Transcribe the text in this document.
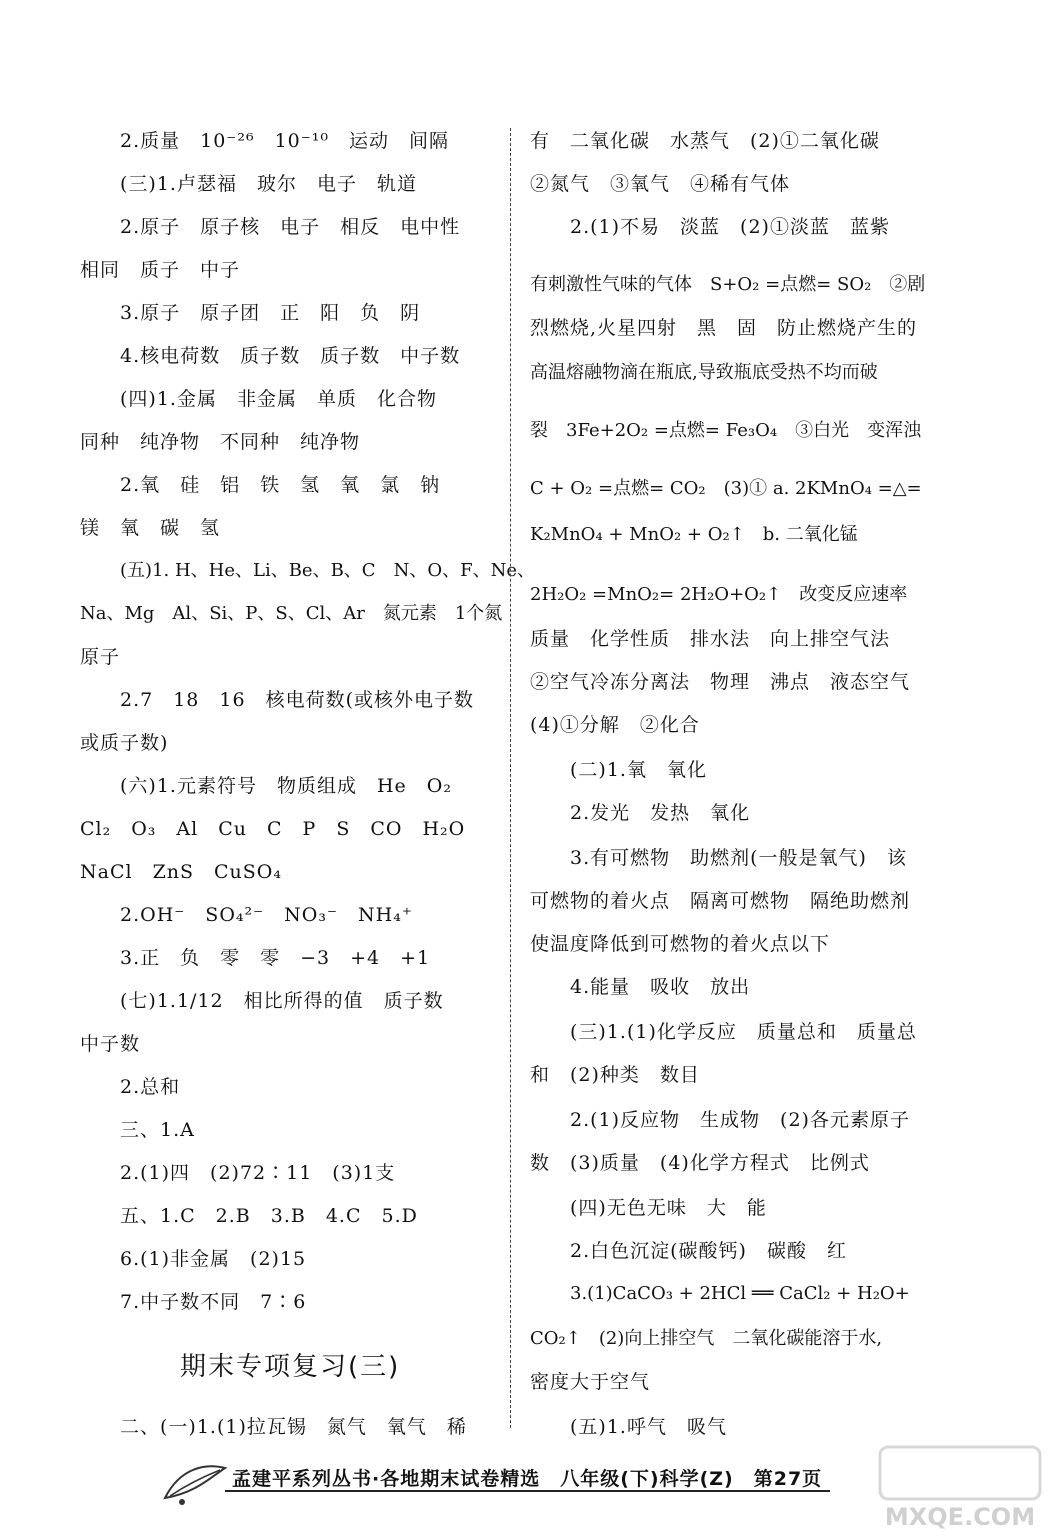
2.质量　10⁻²⁶　10⁻¹⁰　运动　间隔
(三)1.卢瑟福　玻尔　电子　轨道
2.原子　原子核　电子　相反　电中性
相同　质子　中子
3.原子　原子团　正　阳　负　阴
4.核电荷数　质子数　质子数　中子数
(四)1.金属　非金属　单质　化合物
同种　纯净物　不同种　纯净物
2.氧　硅　铝　铁　氢　氧　氯　钠
镁　氧　碳　氢
(五)1. H、He、Li、Be、B、C　N、O、F、Ne、
Na、Mg　Al、Si、P、S、Cl、Ar　氮元素　1个氮
原子
2.7　18　16　核电荷数(或核外电子数
或质子数)
(六)1.元素符号　物质组成　He　O₂
Cl₂　O₃　Al　Cu　C　P　S　CO　H₂O
NaCl　ZnS　CuSO₄
2.OH⁻　SO₄²⁻　NO₃⁻　NH₄⁺
3.正　负　零　零　−3　+4　+1
(七)1.1/12　相比所得的值　质子数
中子数
2.总和
三、1.A
2.(1)四　(2)72∶11　(3)1支
五、1.C　2.B　3.B　4.C　5.D
6.(1)非金属　(2)15
7.中子数不同　7∶6
期末专项复习(三)
二、(一)1.(1)拉瓦锡　氮气　氧气　稀
有　二氧化碳　水蒸气　(2)①二氧化碳
②氮气　③氧气　④稀有气体
2.(1)不易　淡蓝　(2)①淡蓝　蓝紫
有刺激性气味的气体　S+O₂ =点燃= SO₂　②剧
烈燃烧,火星四射　黑　固　防止燃烧产生的
高温熔融物滴在瓶底,导致瓶底受热不均而破
裂　3Fe+2O₂ =点燃= Fe₃O₄　③白光　变浑浊
C + O₂ =点燃= CO₂　(3)① a. 2KMnO₄ =△=
K₂MnO₄ + MnO₂ + O₂↑　b. 二氧化锰
2H₂O₂ =MnO₂= 2H₂O+O₂↑　改变反应速率
质量　化学性质　排水法　向上排空气法
②空气冷冻分离法　物理　沸点　液态空气
(4)①分解　②化合
(二)1.氧　氧化
2.发光　发热　氧化
3.有可燃物　助燃剂(一般是氧气)　该
可燃物的着火点　隔离可燃物　隔绝助燃剂
使温度降低到可燃物的着火点以下
4.能量　吸收　放出
(三)1.(1)化学反应　质量总和　质量总
和　(2)种类　数目
2.(1)反应物　生成物　(2)各元素原子
数　(3)质量　(4)化学方程式　比例式
(四)无色无味　大　能
2.白色沉淀(碳酸钙)　碳酸　红
3.(1)CaCO₃ + 2HCl ══ CaCl₂ + H₂O+
CO₂↑　(2)向上排空气　二氧化碳能溶于水,
密度大于空气
(五)1.呼气　吸气
孟建平系列丛书·各地期末试卷精选　八年级(下)科学(Z)　第27页
MXQE.COM
